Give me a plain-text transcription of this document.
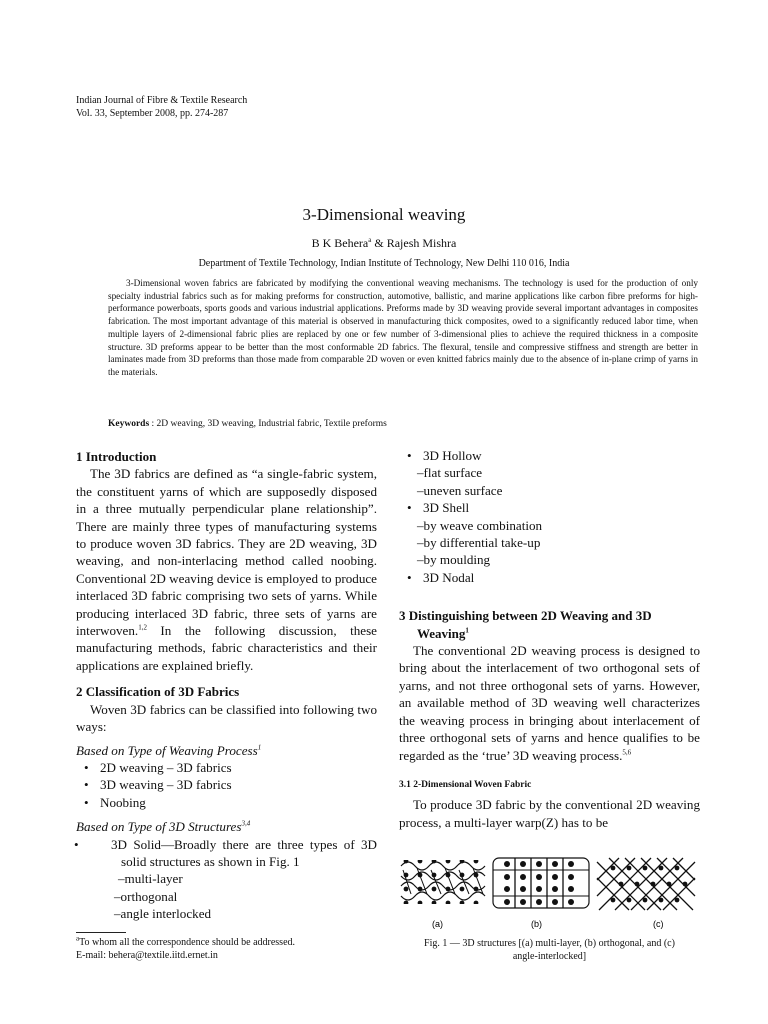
Indian Journal of Fibre & Textile Research
Vol. 33, September 2008, pp. 274-287
3-Dimensional weaving
B K Behera$^a$ & Rajesh Mishra
Department of Textile Technology, Indian Institute of Technology, New Delhi 110 016, India
3-Dimensional woven fabrics are fabricated by modifying the conventional weaving mechanisms. The technology is used for the production of only specialty industrial fabrics such as for making preforms for construction, automotive, ballistic, and marine applications like carbon fibre preforms for high-performance powerboats, sports goods and various industrial applications. Preforms made by 3D weaving provide several important advantages in composites fabrication. The most important advantage of this material is observed in manufacturing thick composites, owed to a significantly reduced labor time, when multiple layers of 2-dimensional fabric plies are replaced by one or few number of 3-dimensional plies to achieve the required thickness in a composite structure. 3D preforms appear to be better than the most conformable 2D fabrics. The flexural, tensile and compressive stiffness and strength are better in laminates made from 3D preforms than those made from comparable 2D woven or even knitted fabrics mainly due to the absence of in-plane crimp of yarns in the materials.
Keywords : 2D weaving, 3D weaving, Industrial fabric, Textile preforms
1 Introduction

The 3D fabrics are defined as “a single-fabric system, the constituent yarns of which are supposedly disposed in a three mutually perpendicular plane relationship”. There are mainly three types of manufacturing systems to produce woven 3D fabrics. They are 2D weaving, 3D weaving, and non-interlacing method called noobing. Conventional 2D weaving device is employed to produce interlaced 3D fabric comprising two sets of yarns. While producing interlaced 3D fabric, three sets of yarns are interwoven.$^{1,2}$ In the following discussion, these manufacturing methods, fabric characteristics and their applications are explained briefly.

2 Classification of 3D Fabrics

Woven 3D fabrics can be classified into following two ways:

Based on Type of Weaving Process$^1$

• 2D weaving – 3D fabrics
• 3D weaving – 3D fabrics
• Noobing

Based on Type of 3D Structures$^{3,4}$

• 3D Solid—Broadly there are three types of 3D solid structures as shown in Fig. 1
–multi-layer
–orthogonal
–angle interlocked
• 3D Hollow
–flat surface
–uneven surface
• 3D Shell
–by weave combination
–by differential take-up
–by moulding
• 3D Nodal
3 Distinguishing between 2D Weaving and 3D
Weaving$^1$

The conventional 2D weaving process is designed to bring about the interlacement of two orthogonal sets of yarns, and not three orthogonal sets of yarns. However, an available method of 3D weaving well characterizes the weaving process in bringing about interlacement of three orthogonal sets of yarns and hence qualifies to be regarded as the ‘true’ 3D weaving process.$^{5,6}$

3.1 2-Dimensional Woven Fabric

To produce 3D fabric by the conventional 2D weaving process, a multi-layer warp(Z) has to be

(a)	(b)	(c)
Fig. 1 — 3D structures [(a) multi-layer, (b) orthogonal, and (c)
angle-interlocked]
$^a$To whom all the correspondence should be addressed.
E-mail: behera@textile.iitd.ernet.in
